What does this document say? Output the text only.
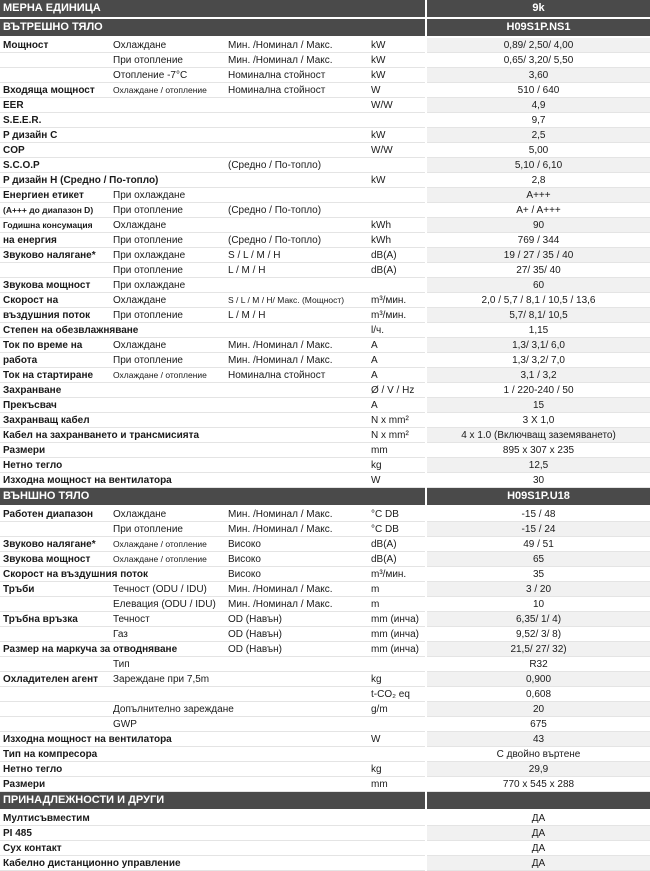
МЕРНА ЕДИНИЦА				9k
ВЪТРЕШНО ТЯЛО				H09S1P.NS1
Мощност	Охлаждане	Мин. /Номинал / Макс.	kW	0,89/ 2,50/ 4,00
	При отопление	Мин. /Номинал / Макс.	kW	0,65/ 3,20/ 5,50
	Отопление -7°C	Номинална стойност	kW	3,60
Входяща мощност	Охлаждане / отопление	Номинална стойност	W	510 / 640
EER			W/W	4,9
S.E.E.R.				9,7
P дизайн C			kW	2,5
COP			W/W	5,00
S.C.O.P		(Средно / По-топло)		5,10 / 6,10
P дизайн H (Средно / По-топло)			kW	2,8
Енергиен етикет	При охлаждане			A+++
(A+++ до диапазон D)	При отопление	(Средно / По-топло)		A+ / A+++
Годишна консумация	Охлаждане		kWh	90
на енергия	При отопление	(Средно / По-топло)	kWh	769 / 344
Звуково налягане*	При охлаждане	S / L / M / H	dB(A)	19 / 27 / 35 / 40
	При отопление	L / M / H	dB(A)	27/ 35/ 40
Звукова мощност	При охлаждане			60
Скорост на	Охлаждане	S / L / M / H/ Макс. (Мощност)	m³/мин.	2,0 / 5,7 / 8,1 / 10,5 / 13,6
въздушния поток	При отопление	L / M / H	m³/мин.	5,7/ 8,1/ 10,5
Степен на обезвлажняване			l/ч.	1,15
Ток по време на	Охлаждане	Мин. /Номинал / Макс.	A	1,3/ 3,1/ 6,0
работа	При отопление	Мин. /Номинал / Макс.	A	1,3/ 3,2/ 7,0
Ток на стартиране	Охлаждане / отопление	Номинална стойност	A	3,1 / 3,2
Захранване			Ø / V / Hz	1 / 220-240 / 50
Прекъсвач			A	15
Захранващ кабел			N x mm²	3 X 1,0
Кабел на захранването и трансмисията			N x mm²	4 x 1.0 (Включващ заземяването)
Размери			mm	895 x 307 x 235
Нетно тегло			kg	12,5
Изходна мощност на вентилатора			W	30
ВЪНШНО ТЯЛО				H09S1P.U18
Работен диапазон	Охлаждане	Мин. /Номинал / Макс.	°C DB	-15 / 48
	При отопление	Мин. /Номинал / Макс.	°C DB	-15 / 24
Звуково налягане*	Охлаждане / отопление	Високо	dB(A)	49 / 51
Звукова мощност	Охлаждане / отопление	Високо	dB(A)	65
Скорост на въздушния поток		Високо	m³/мин.	35
Тръби	Течност (ODU / IDU)	Мин. /Номинал / Макс.	m	3 / 20
	Елевация (ODU / IDU)	Мин. /Номинал / Макс.	m	10
Тръбна връзка	Течност	OD (Навън)	mm (инча)	6,35/ 1/ 4)
	Газ	OD (Навън)	mm (инча)	9,52/ 3/ 8)
Размер на маркуча за отводняване		OD (Навън)	mm (инча)	21,5/ 27/ 32)
	Тип			R32
Охладителен агент	Зареждане при 7,5m		kg	0,900
			t-CO₂ eq	0,608
	Допълнително зареждане		g/m	20
	GWP			675
Изходна мощност на вентилатора			W	43
Тип на компресора				С двойно въртене
Нетно тегло			kg	29,9
Размери			mm	770 x 545 x 288
ПРИНАДЛЕЖНОСТИ И ДРУГИ				
Мултисъвместим				ДА
PI 485				ДА
Сух контакт				ДА
Кабелно дистанционно управление				ДА
